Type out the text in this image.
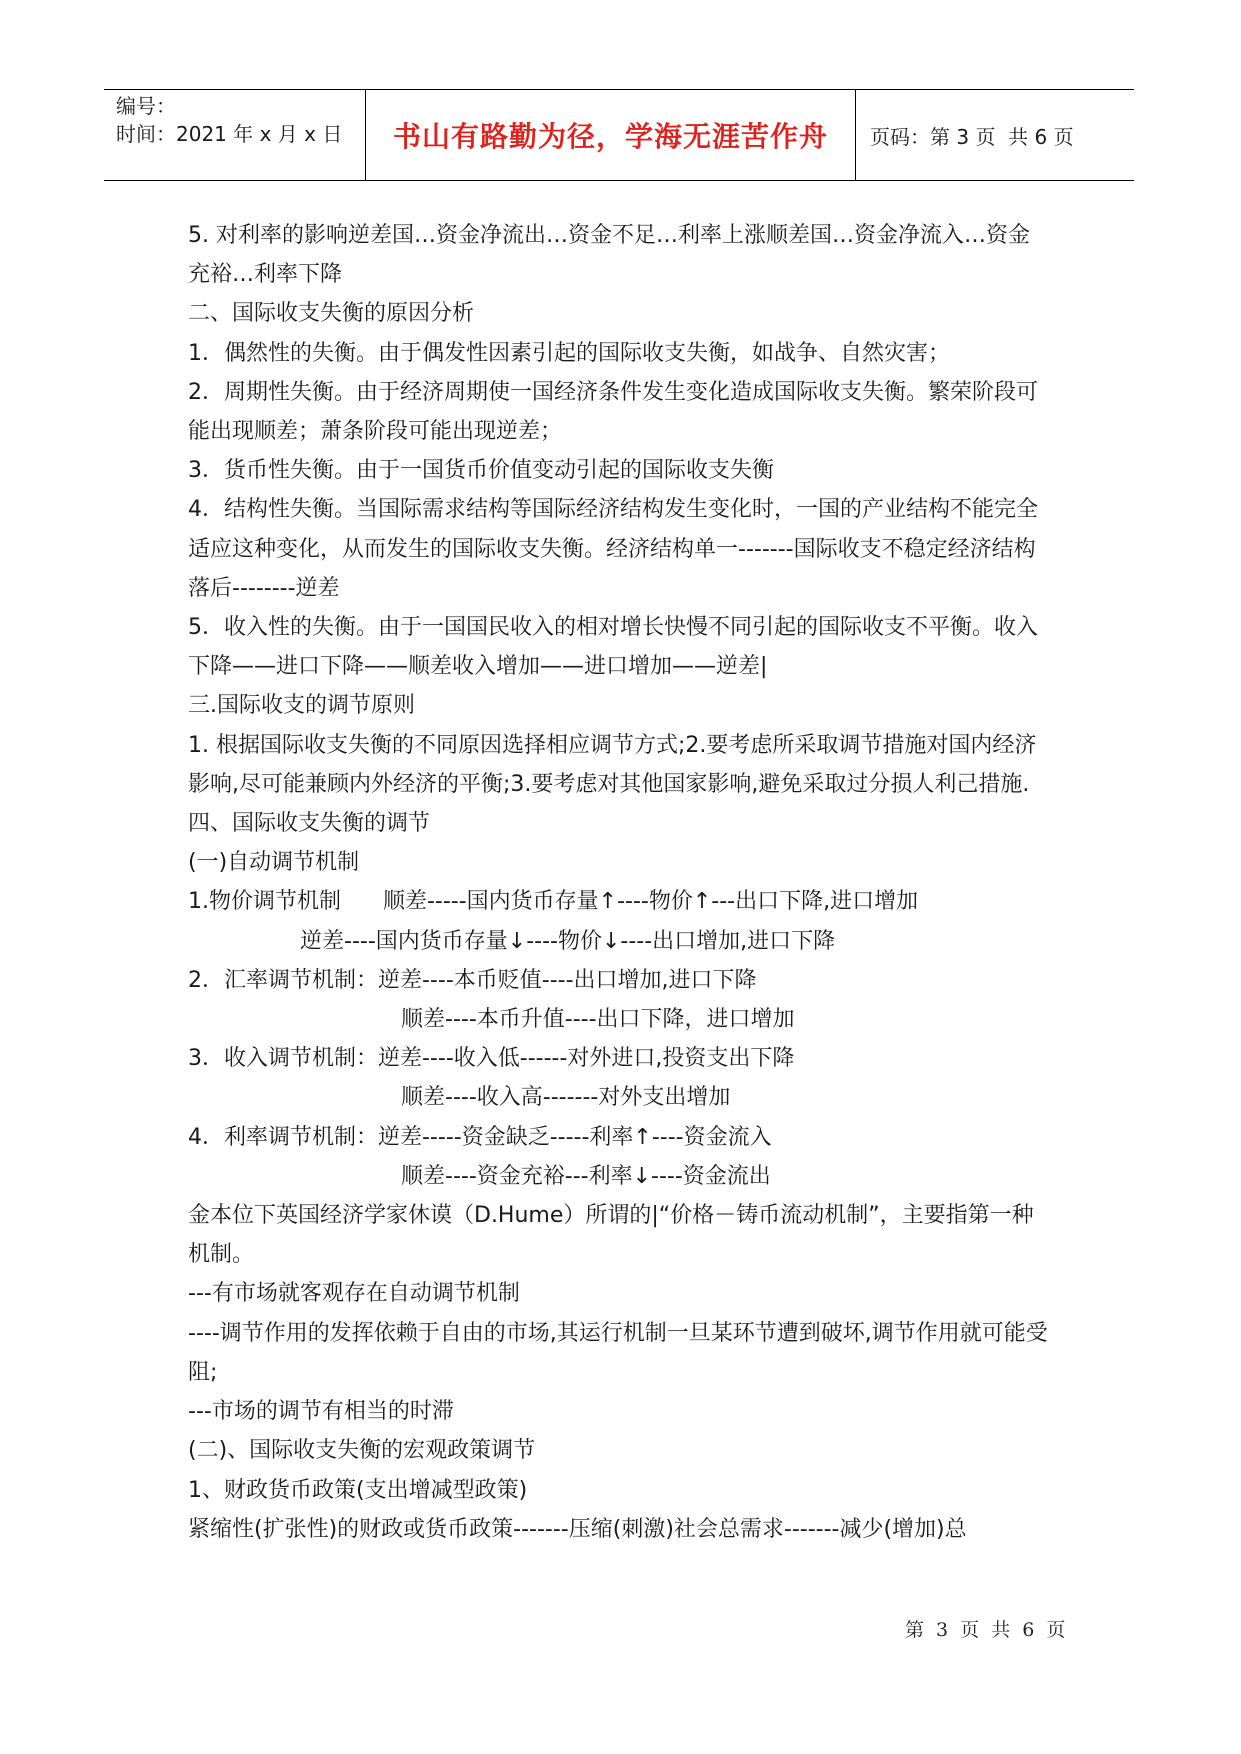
编号：
时间：2021 年 x 月 x 日	书山有路勤为径，学海无涯苦作舟 页码：第 3 页  共 6 页

5. 对利率的影响逆差国…资金净流出…资金不足…利率上涨顺差国…资金净流入…资金充裕…利率下降

二、国际收支失衡的原因分析

1．偶然性的失衡。由于偶发性因素引起的国际收支失衡，如战争、自然灾害；

2．周期性失衡。由于经济周期使一国经济条件发生变化造成国际收支失衡。繁荣阶段可能出现顺差；萧条阶段可能出现逆差；

3．货币性失衡。由于一国货币价值变动引起的国际收支失衡

4．结构性失衡。当国际需求结构等国际经济结构发生变化时，一国的产业结构不能完全适应这种变化，从而发生的国际收支失衡。经济结构单一-------国际收支不稳定经济结构落后--------逆差

5．收入性的失衡。由于一国国民收入的相对增长快慢不同引起的国际收支不平衡。收入下降——进口下降——顺差收入增加——进口增加——逆差|

三.国际收支的调节原则

1. 根据国际收支失衡的不同原因选择相应调节方式;2.要考虑所采取调节措施对国内经济影响,尽可能兼顾内外经济的平衡;3.要考虑对其他国家影响,避免采取过分损人利己措施.

四、国际收支失衡的调节

(一)自动调节机制

1.物价调节机制      顺差-----国内货币存量↑----物价↑---出口下降,进口增加

逆差----国内货币存量↓----物价↓----出口增加,进口下降

2．汇率调节机制：逆差----本币贬值----出口增加,进口下降

顺差----本币升值----出口下降，进口增加

3．收入调节机制：逆差----收入低------对外进口,投资支出下降

顺差----收入高-------对外支出增加

4．利率调节机制：逆差-----资金缺乏-----利率↑----资金流入

顺差----资金充裕---利率↓----资金流出

金本位下英国经济学家休谟（D.Hume）所谓的|“价格－铸币流动机制”，主要指第一种机制。

---有市场就客观存在自动调节机制

----调节作用的发挥依赖于自由的市场,其运行机制一旦某环节遭到破坏,调节作用就可能受阻;

---市场的调节有相当的时滞

(二)、国际收支失衡的宏观政策调节

1、财政货币政策(支出增减型政策)

紧缩性(扩张性)的财政或货币政策-------压缩(刺激)社会总需求-------减少(增加)总

第 3 页 共 6 页
